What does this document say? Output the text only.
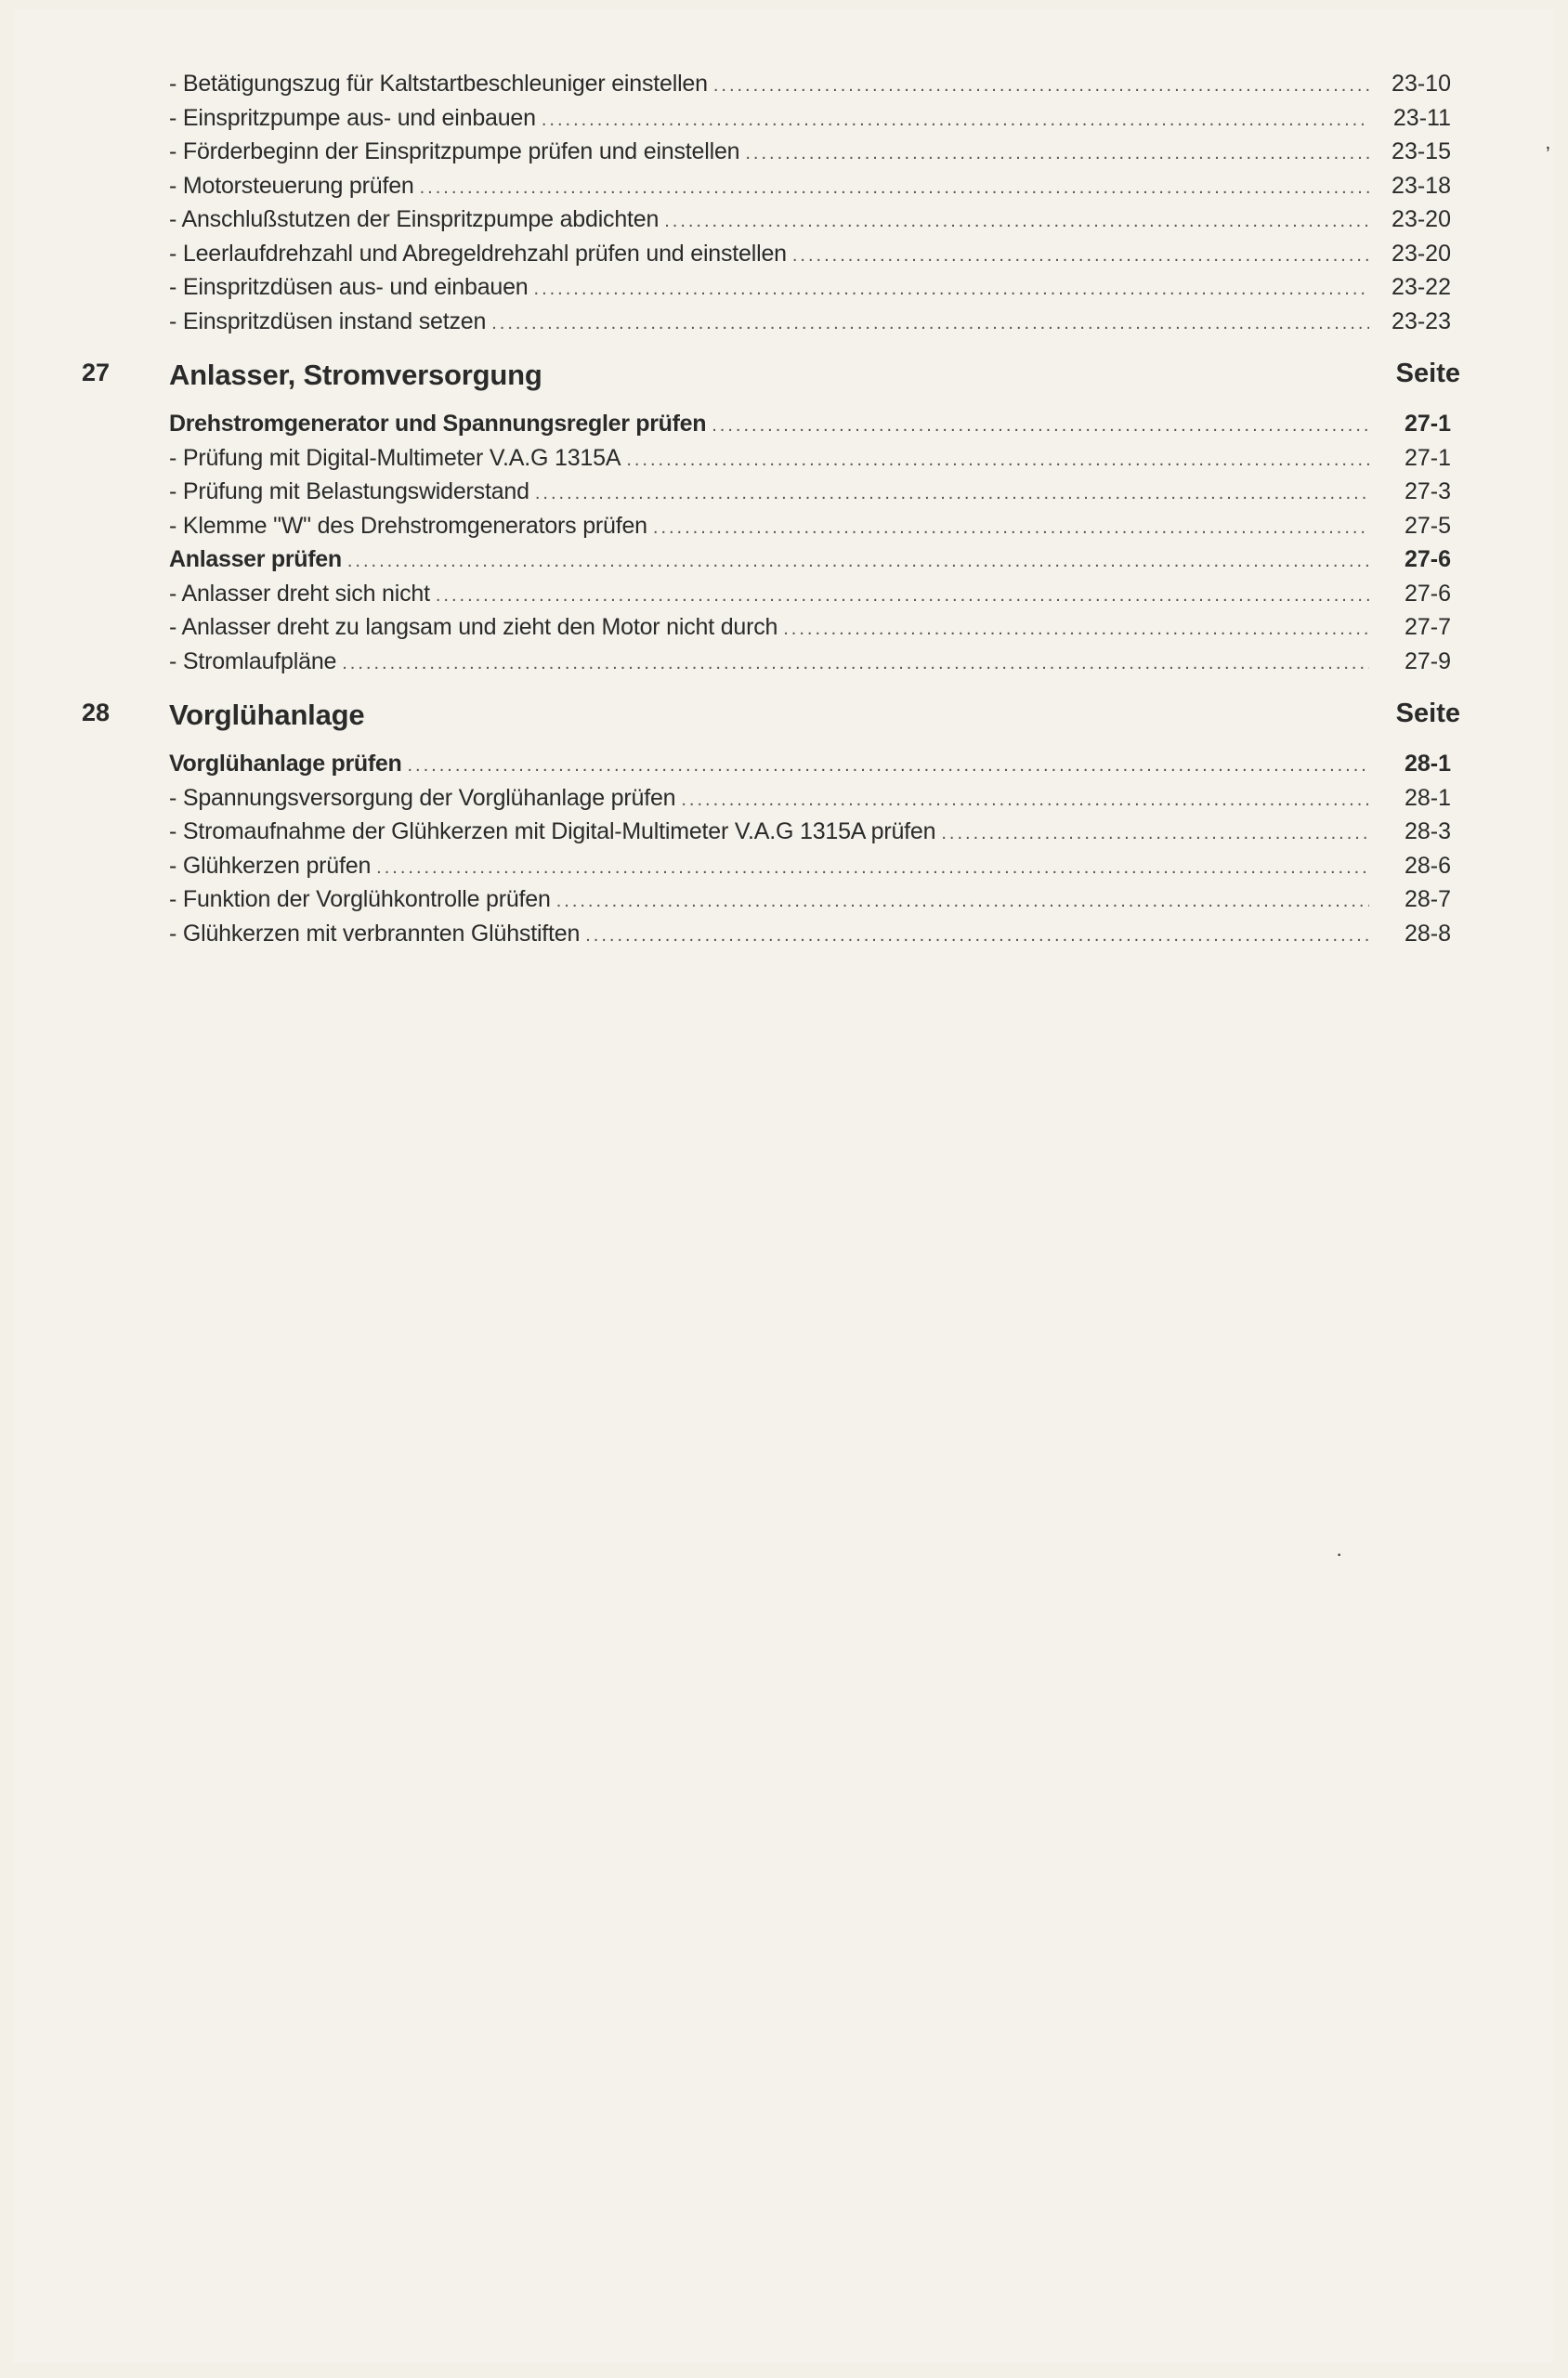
- Betätigungszug für Kaltstartbeschleuniger einstellen .....	23-10
- Einspritzpumpe aus- und einbauen .....	23-11
- Förderbeginn der Einspritzpumpe prüfen und einstellen .....	23-15
- Motorsteuerung prüfen .....	23-18
- Anschlußstutzen der Einspritzpumpe abdichten .....	23-20
- Leerlaufdrehzahl und Abregeldrehzahl prüfen und einstellen .....	23-20
- Einspritzdüsen aus- und einbauen .....	23-22
- Einspritzdüsen instand setzen .....	23-23
27 Anlasser, Stromversorgung	Seite
Drehstromgenerator und Spannungsregler prüfen .....	27-1
- Prüfung mit Digital-Multimeter V.A.G 1315A .....	27-1
- Prüfung mit Belastungswiderstand .....	27-3
- Klemme "W" des Drehstromgenerators prüfen .....	27-5
Anlasser prüfen .....	27-6
- Anlasser dreht sich nicht .....	27-6
- Anlasser dreht zu langsam und zieht den Motor nicht durch .....	27-7
- Stromlaufpläne .....	27-9
28 Vorglühanlage	Seite
Vorglühanlage prüfen .....	28-1
- Spannungsversorgung der Vorglühanlage prüfen .....	28-1
- Stromaufnahme der Glühkerzen mit Digital-Multimeter V.A.G 1315A prüfen .....	28-3
- Glühkerzen prüfen .....	28-6
- Funktion der Vorglühkontrolle prüfen .....	28-7
- Glühkerzen mit verbrannten Glühstiften .....	28-8
ʼ
·
